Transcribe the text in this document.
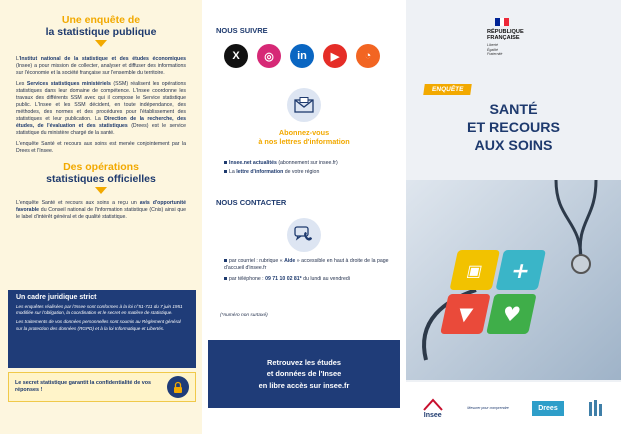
Une enquête de
la statistique publique

L'Institut national de la statistique et des études économiques (Insee) a pour mission de collecter, analyser et diffuser des informations sur l'économie et la société française sur l'ensemble du territoire.

Les Services statistiques ministériels (SSM) réalisent les opérations statistiques dans leur domaine de compétence. L'Insee coordonne les travaux des différents SSM avec qui il compose le Service statistique public. L'Insee et les SSM décident, en toute indépendance, des méthodes, des normes et des procédures pour l'établissement des statistiques et leur publication. La Direction de la recherche, des études, de l'évaluation et des statistiques (Drees) est le service statistique du ministère chargé de la santé.

L'enquête Santé et recours aux soins est menée conjointement par la Drees et l'Insee.

Des opérations
statistiques officielles

L'enquête Santé et recours aux soins a reçu un avis d'opportunité favorable du Conseil national de l'information statistique (Cnis) ainsi que le label d'intérêt général et de qualité statistique.

Un cadre juridique strict
Les enquêtes réalisées par l'Insee sont conformes à la loi n°51-711 du 7 juin 1951 modifiée sur l'obligation, la coordination et le secret en matière de statistique.
Les traitements de vos données personnelles sont soumis au Règlement général sur la protection des données (RGPD) et à la loi Informatique et Libertés.
Le secret statistique garantit la confidentialité de vos réponses !
NOUS SUIVRE
X	◎	in	▶	◔
Abonnez-vous
à nos lettres d'information
Insee.net actualités (abonnement sur insee.fr)
La lettre d'information de votre région
NOUS CONTACTER
par courriel : rubrique « Aide » accessible en haut à droite de la page d'accueil d'insee.fr
par téléphone : 09 71 10 02 81* du lundi au vendredi
(*numéro non surtaxé)
Retrouvez les études
et données de l'Insee
en libre accès sur insee.fr
RÉPUBLIQUE
FRANÇAISE
Liberté
Égalité
Fraternité
ENQUÊTE
SANTÉ
ET RECOURS
AUX SOINS
▣ +
▼ ♥
Insee
Mesurer pour comprendre	Drees
